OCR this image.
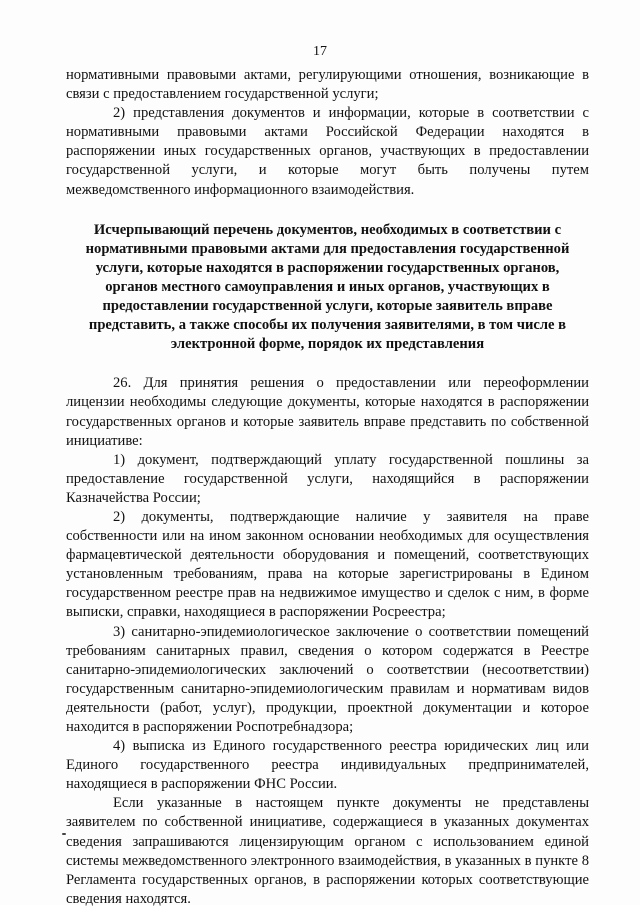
17

нормативными правовыми актами, регулирующими отношения, возникающие в связи с предоставлением государственной услуги;

2) представления документов и информации, которые в соответствии с нормативными правовыми актами Российской Федерации находятся в распоряжении иных государственных органов, участвующих в предоставлении государственной услуги, и которые могут быть получены путем межведомственного информационного взаимодействия.

Исчерпывающий перечень документов, необходимых в соответствии с нормативными правовыми актами для предоставления государственной услуги, которые находятся в распоряжении государственных органов, органов местного самоуправления и иных органов, участвующих в предоставлении государственной услуги, которые заявитель вправе представить, а также способы их получения заявителями, в том числе в электронной форме, порядок их представления

26. Для принятия решения о предоставлении или переоформлении лицензии необходимы следующие документы, которые находятся в распоряжении государственных органов и которые заявитель вправе представить по собственной инициативе:

1) документ, подтверждающий уплату государственной пошлины за предоставление государственной услуги, находящийся в распоряжении Казначейства России;

2) документы, подтверждающие наличие у заявителя на праве собственности или на ином законном основании необходимых для осуществления фармацевтической деятельности оборудования и помещений, соответствующих установленным требованиям, права на которые зарегистрированы в Едином государственном реестре прав на недвижимое имущество и сделок с ним, в форме выписки, справки, находящиеся в распоряжении Росреестра;

3) санитарно-эпидемиологическое заключение о соответствии помещений требованиям санитарных правил, сведения о котором содержатся в Реестре санитарно-эпидемиологических заключений о соответствии (несоответствии) государственным санитарно-эпидемиологическим правилам и нормативам видов деятельности (работ, услуг), продукции, проектной документации и которое находится в распоряжении Роспотребнадзора;

4) выписка из Единого государственного реестра юридических лиц или Единого государственного реестра индивидуальных предпринимателей, находящиеся в распоряжении ФНС России.

Если указанные в настоящем пункте документы не представлены заявителем по собственной инициативе, содержащиеся в указанных документах сведения запрашиваются лицензирующим органом с использованием единой системы межведомственного электронного взаимодействия, в указанных в пункте 8 Регламента государственных органов, в распоряжении которых соответствующие сведения находятся.
